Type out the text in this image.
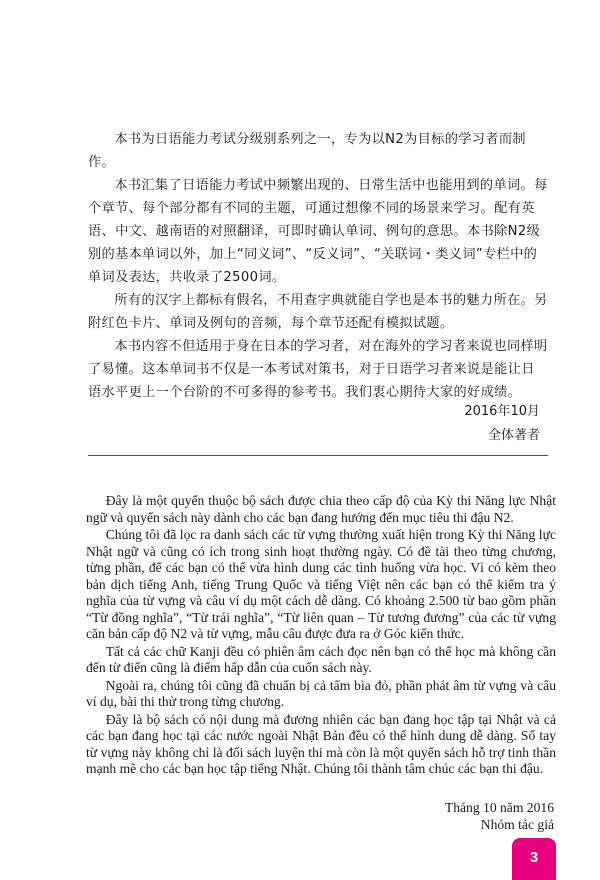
本书为日语能力考试分级别系列之一，专为以N2为目标的学习者而制作。

本书汇集了日语能力考试中频繁出现的、日常生活中也能用到的单词。每个章节、每个部分都有不同的主题，可通过想像不同的场景来学习。配有英语、中文、越南语的对照翻译，可即时确认单词、例句的意思。本书除N2级别的基本单词以外，加上“同义词”、“反义词”、“关联词・类义词”专栏中的单词及表达，共收录了2500词。

所有的汉字上都标有假名，不用查字典就能自学也是本书的魅力所在。另附红色卡片、单词及例句的音频，每个章节还配有模拟试题。

本书内容不但适用于身在日本的学习者，对在海外的学习者来说也同样明了易懂。这本单词书不仅是一本考试对策书，对于日语学习者来说是能让日语水平更上一个台阶的不可多得的参考书。我们衷心期待大家的好成绩。

2016年10月
全体著者

Đây là một quyển thuộc bộ sách được chia theo cấp độ của Kỳ thi Năng lực Nhật ngữ và quyển sách này dành cho các bạn đang hướng đến mục tiêu thi đậu N2.

Chúng tôi đã lọc ra danh sách các từ vựng thường xuất hiện trong Kỳ thi Năng lực Nhật ngữ và cũng có ích trong sinh hoạt thường ngày. Có đề tài theo từng chương, từng phần, để các bạn có thể vừa hình dung các tình huống vừa học. Vì có kèm theo bản dịch tiếng Anh, tiếng Trung Quốc và tiếng Việt nên các bạn có thể kiểm tra ý nghĩa của từ vựng và câu ví dụ một cách dễ dàng. Có khoảng 2.500 từ bao gồm phần “Từ đồng nghĩa”, “Từ trái nghĩa”, “Từ liên quan – Từ tương đương” của các từ vựng căn bản cấp độ N2 và từ vựng, mẫu câu được đưa ra ở Góc kiến thức.

Tất cả các chữ Kanji đều có phiên âm cách đọc nên bạn có thể học mà không cần đến từ điển cũng là điểm hấp dẫn của cuốn sách này.

Ngoài ra, chúng tôi cũng đã chuẩn bị cả tấm bìa đỏ, phần phát âm từ vựng và câu ví dụ, bài thi thử trong từng chương.

Đây là bộ sách có nội dung mà đương nhiên các bạn đang học tập tại Nhật và cả các bạn đang học tại các nước ngoài Nhật Bản đều có thể hình dung dễ dàng. Sổ tay từ vựng này không chỉ là đối sách luyện thi mà còn là một quyển sách hỗ trợ tinh thần mạnh mẽ cho các bạn học tập tiếng Nhật. Chúng tôi thành tâm chúc các bạn thi đậu.

Tháng 10 năm 2016
Nhóm tác giả
3
